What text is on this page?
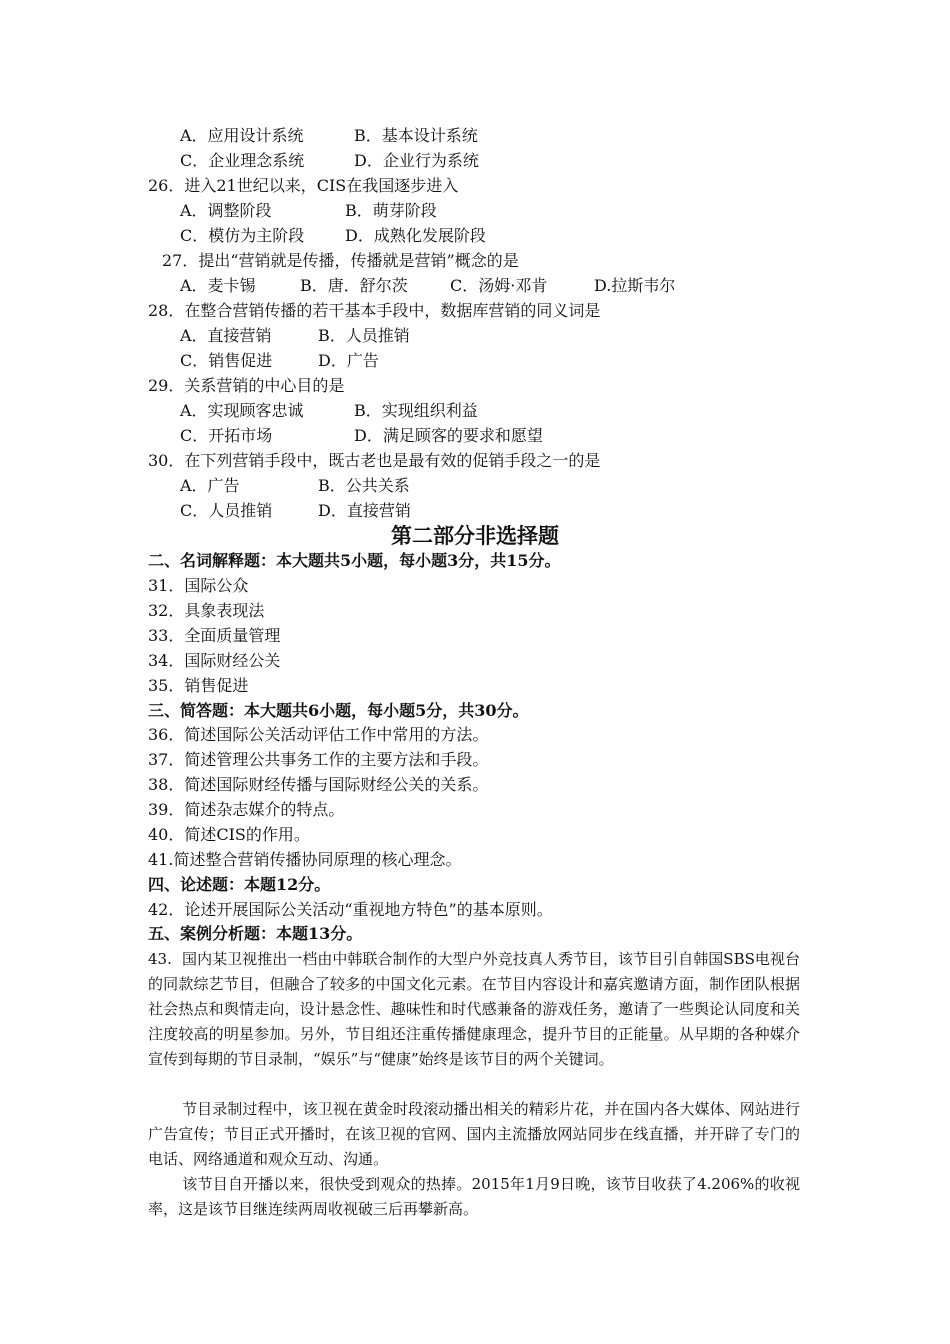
A．应用设计系统	B．基本设计系统
C．企业理念系统	D．企业行为系统
26．进入21世纪以来，CIS在我国逐步进入
A．调整阶段	B．萌芽阶段
C．模仿为主阶段	D．成熟化发展阶段
27．提出“营销就是传播，传播就是营销”概念的是
A．麦卡锡	B．唐．舒尔茨	C．汤姆·邓肯	D.拉斯韦尔
28．在整合营销传播的若干基本手段中，数据库营销的同义词是
A．直接营销	B．人员推销
C．销售促进	D．广告
29．关系营销的中心目的是
A．实现顾客忠诚	B．实现组织利益
C．开拓市场	D．满足顾客的要求和愿望
30．在下列营销手段中，既古老也是最有效的促销手段之一的是
A．广告	B．公共关系
C．人员推销	D．直接营销
第二部分非选择题
二、名词解释题：本大题共5小题，每小题3分，共15分。
31．国际公众
32．具象表现法
33．全面质量管理
34．国际财经公关
35．销售促进
三、简答题：本大题共6小题，每小题5分，共30分。
36．简述国际公关活动评估工作中常用的方法。
37．简述管理公共事务工作的主要方法和手段。
38．简述国际财经传播与国际财经公关的关系。
39．简述杂志媒介的特点。
40．简述CIS的作用。
41.简述整合营销传播协同原理的核心理念。
四、论述题：本题12分。
42．论述开展国际公关活动“重视地方特色”的基本原则。
五、案例分析题：本题13分。
43. 国内某卫视推出一档由中韩联合制作的大型户外竞技真人秀节目，该节目引自韩国SBS电视台的同款综艺节目，但融合了较多的中国文化元素。在节目内容设计和嘉宾邀请方面，制作团队根据社会热点和舆情走向，设计悬念性、趣味性和时代感兼备的游戏任务，邀请了一些舆论认同度和关注度较高的明星参加。另外，节目组还注重传播健康理念，提升节目的正能量。从早期的各种媒介宣传到每期的节目录制，“娱乐”与“健康”始终是该节目的两个关键词。
节目录制过程中，该卫视在黄金时段滚动播出相关的精彩片花，并在国内各大媒体、网站进行广告宣传；节目正式开播时，在该卫视的官网、国内主流播放网站同步在线直播，并开辟了专门的电话、网络通道和观众互动、沟通。
该节目自开播以来，很快受到观众的热捧。2015年1月9日晚，该节目收获了4.206%的收视率，这是该节目继连续两周收视破三后再攀新高。
